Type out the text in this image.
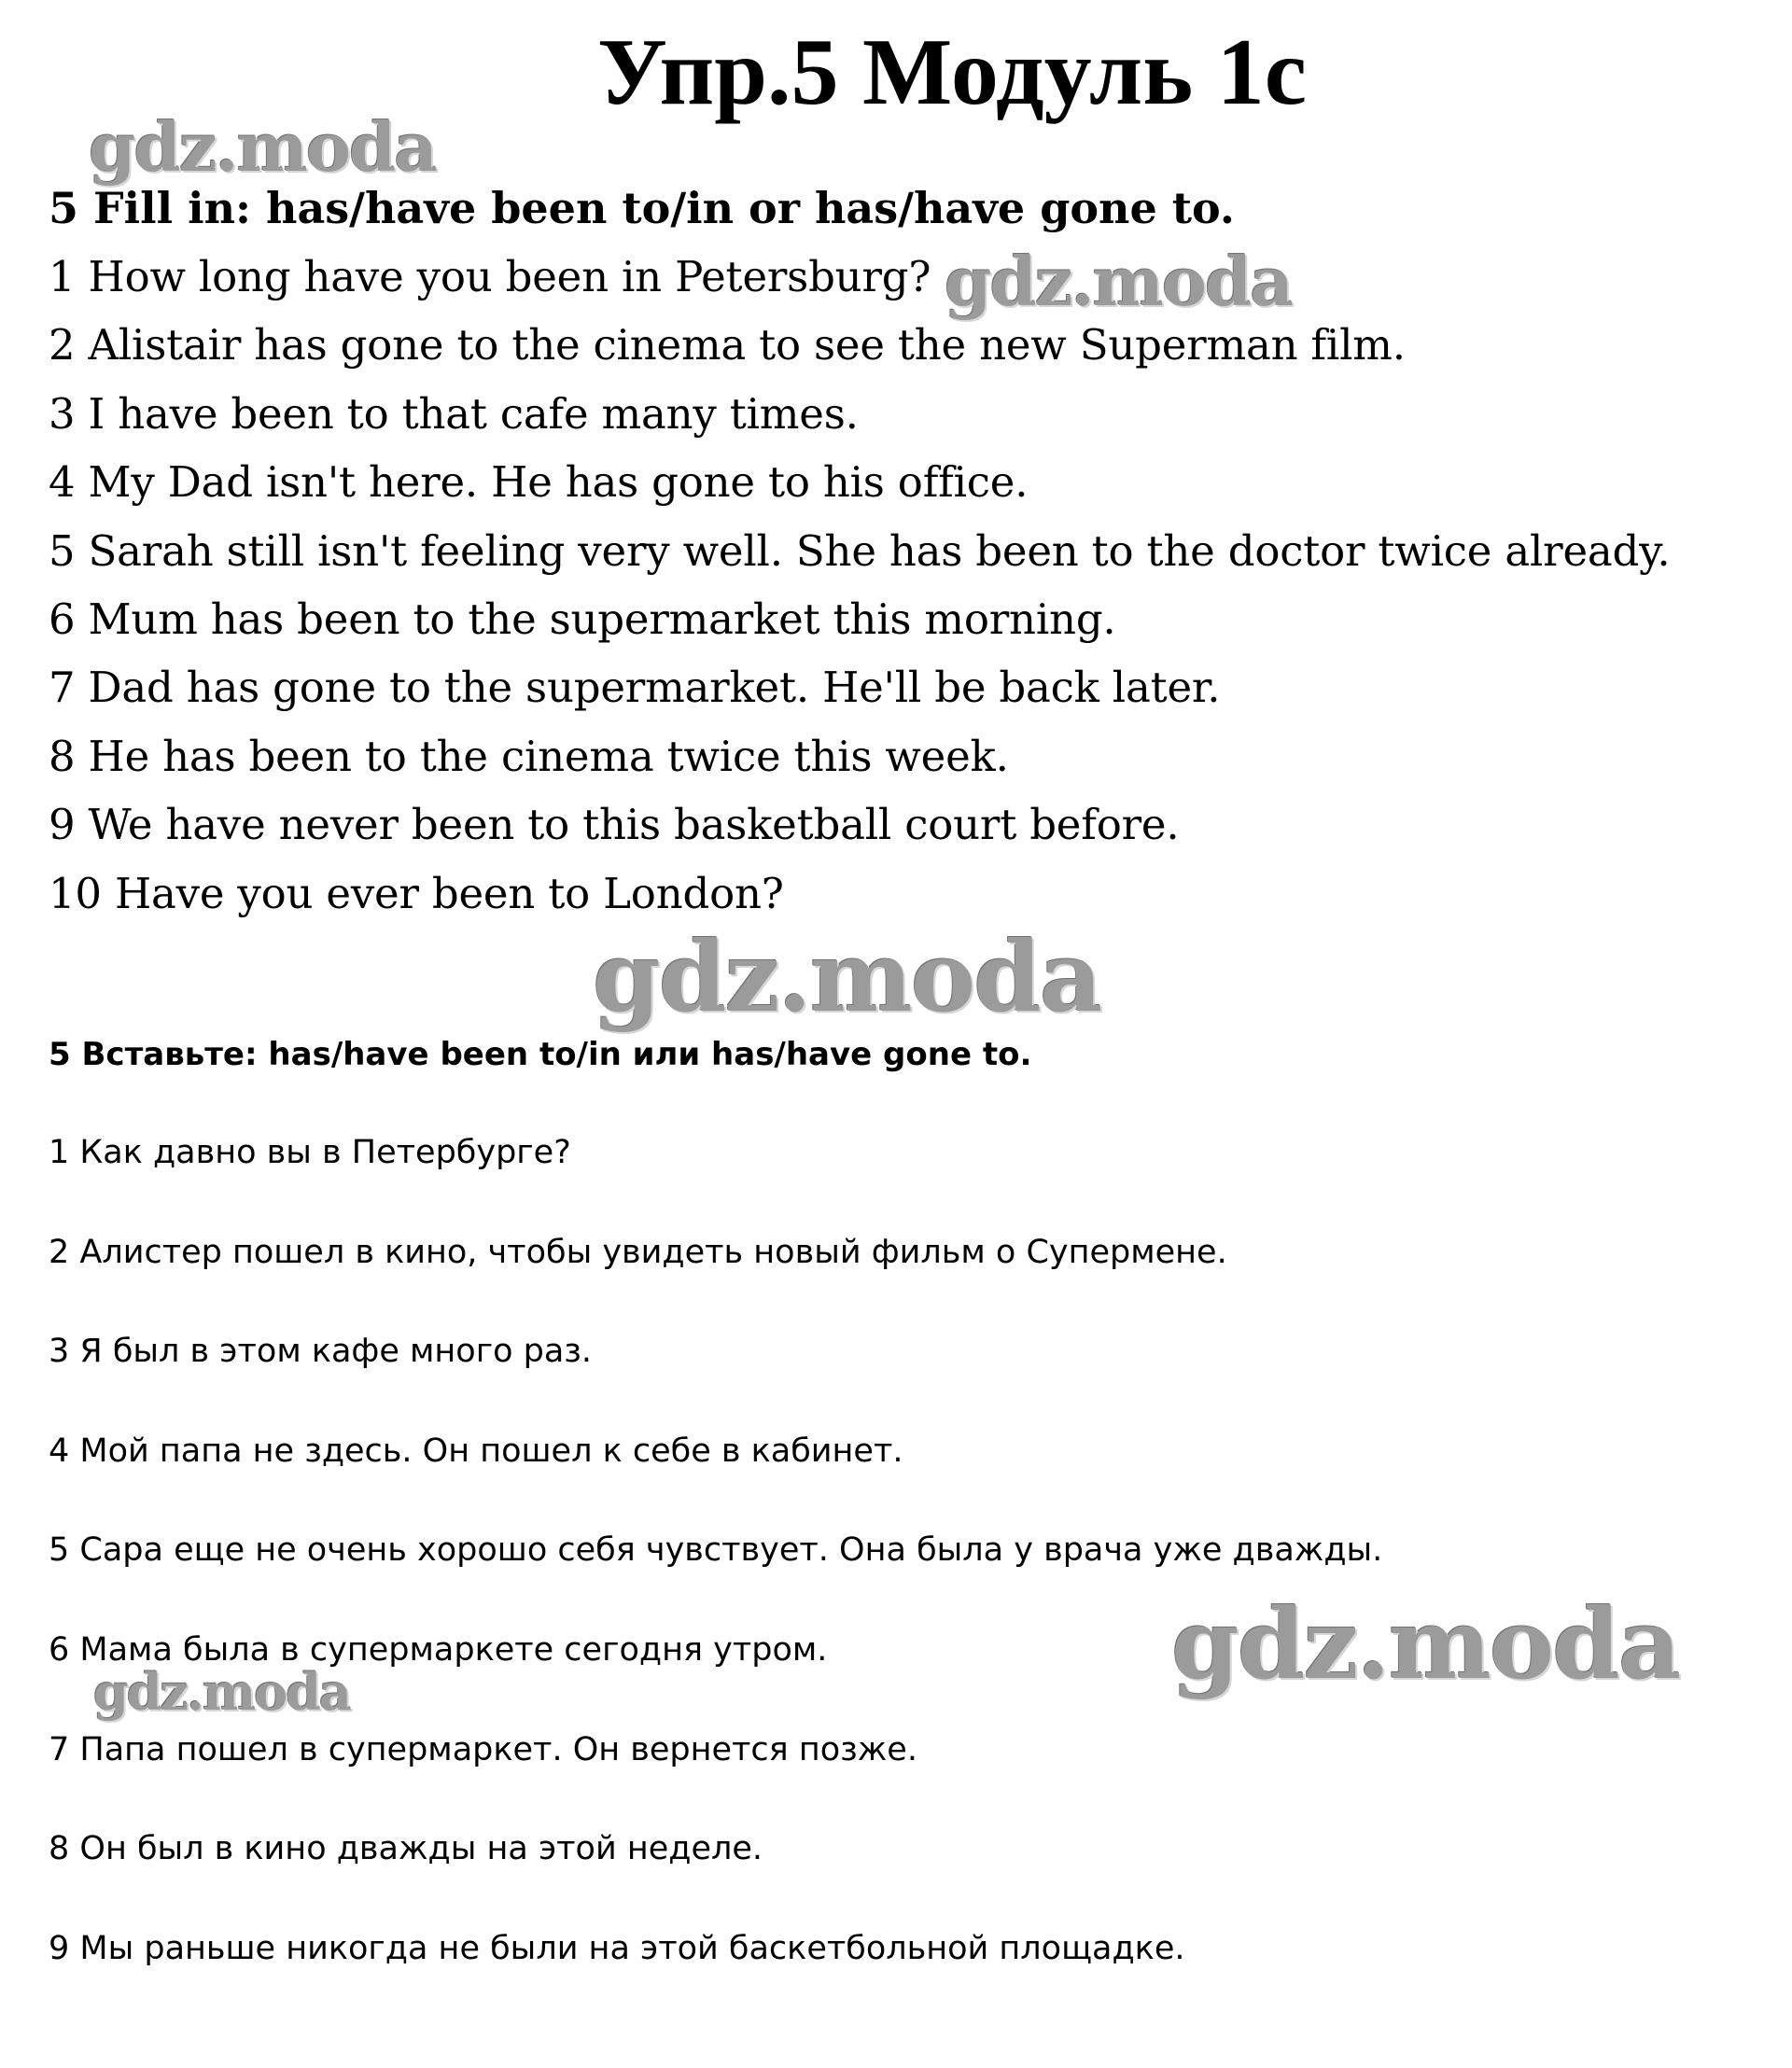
Упр.5 Модуль 1с
gdz.moda
gdz.moda
gdz.moda
gdz.moda
gdz.moda
5 Fill in: has/have been to/in or has/have gone to.
1 How long have you been in Petersburg?
2 Alistair has gone to the cinema to see the new Superman film.
3 I have been to that cafe many times.
4 My Dad isn't here. He has gone to his office.
5 Sarah still isn't feeling very well. She has been to the doctor twice already.
6 Mum has been to the supermarket this morning.
7 Dad has gone to the supermarket. He'll be back later.
8 He has been to the cinema twice this week.
9 We have never been to this basketball court before.
10 Have you ever been to London?
5 Вставьте: has/have been to/in или has/have gone to.
1 Как давно вы в Петербурге?
2 Алистер пошел в кино, чтобы увидеть новый фильм о Супермене.
3 Я был в этом кафе много раз.
4 Мой папа не здесь. Он пошел к себе в кабинет.
5 Сара еще не очень хорошо себя чувствует. Она была у врача уже дважды.
6 Мама была в супермаркете сегодня утром.
7 Папа пошел в супермаркет. Он вернется позже.
8 Он был в кино дважды на этой неделе.
9 Мы раньше никогда не были на этой баскетбольной площадке.
